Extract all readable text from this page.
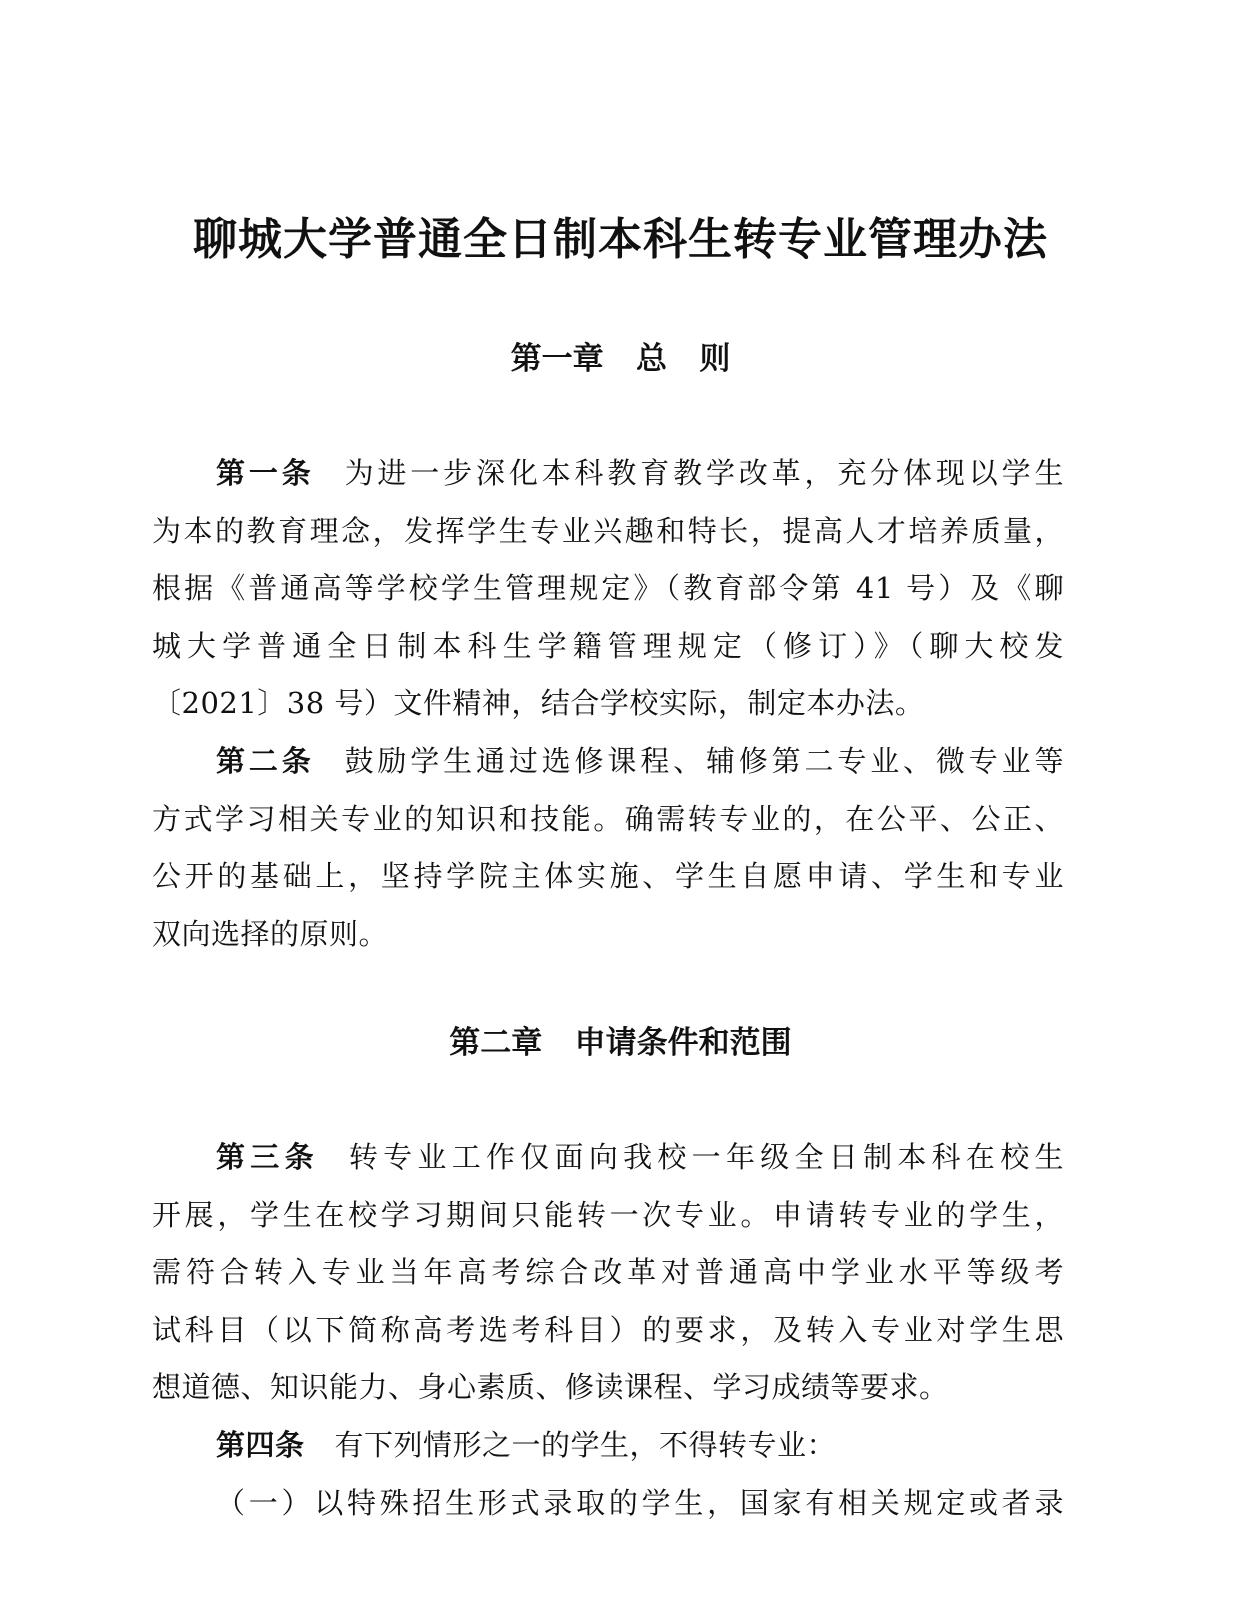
聊城大学普通全日制本科生转专业管理办法
第一章   总   则
第一条 为进一步深化本科教育教学改革，充分体现以学生
为本的教育理念，发挥学生专业兴趣和特长，提高人才培养质量，
根据《普通高等学校学生管理规定》（教育部令第 41 号）及《聊
城大学普通全日制本科生学籍管理规定（修订）》（聊大校发
〔2021〕38 号）文件精神，结合学校实际，制定本办法。
第二条 鼓励学生通过选修课程、辅修第二专业、微专业等
方式学习相关专业的知识和技能。确需转专业的，在公平、公正、
公开的基础上，坚持学院主体实施、学生自愿申请、学生和专业
双向选择的原则。
第二章   申请条件和范围
第三条 转专业工作仅面向我校一年级全日制本科在校生
开展，学生在校学习期间只能转一次专业。申请转专业的学生，
需符合转入专业当年高考综合改革对普通高中学业水平等级考
试科目（以下简称高考选考科目）的要求，及转入专业对学生思
想道德、知识能力、身心素质、修读课程、学习成绩等要求。
第四条 有下列情形之一的学生，不得转专业：
（一）以特殊招生形式录取的学生，国家有相关规定或者录
